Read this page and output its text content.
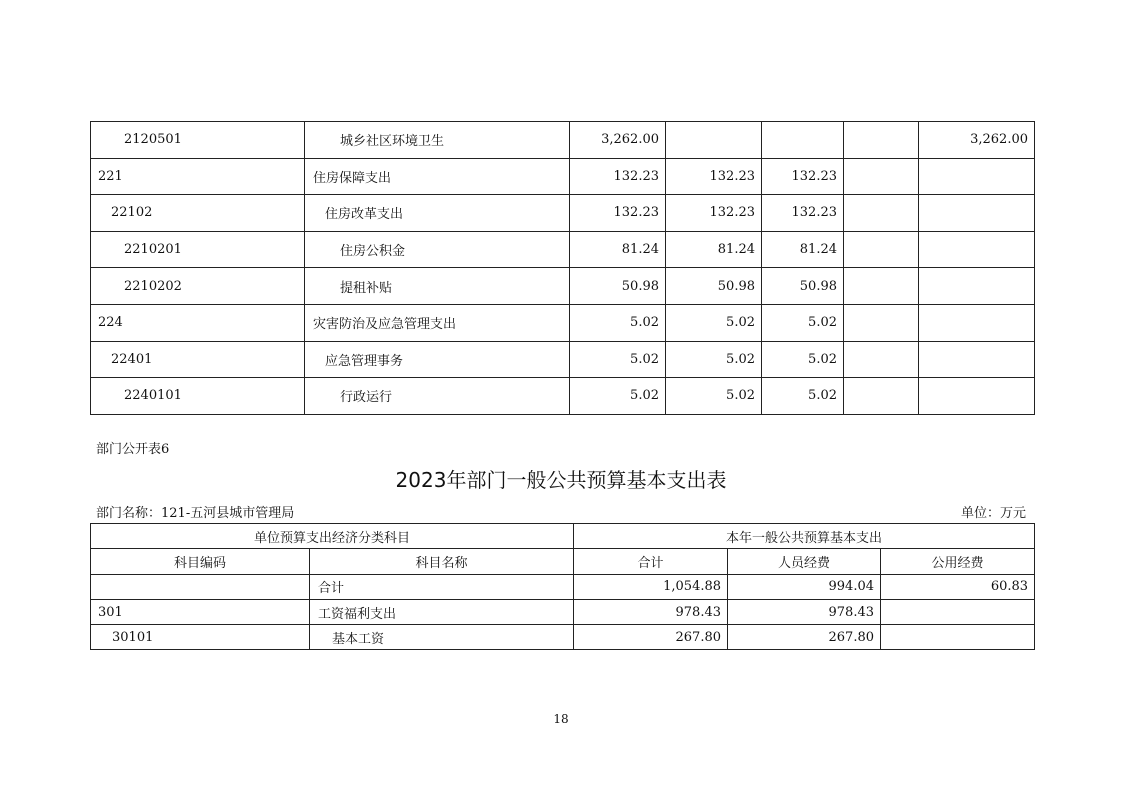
2120501	城乡社区环境卫生	3,262.00				3,262.00
221	住房保障支出	132.23	132.23	132.23		
22102	住房改革支出	132.23	132.23	132.23		
2210201	住房公积金	81.24	81.24	81.24		
2210202	提租补贴	50.98	50.98	50.98		
224	灾害防治及应急管理支出	5.02	5.02	5.02		
22401	应急管理事务	5.02	5.02	5.02		
2240101	行政运行	5.02	5.02	5.02		
部门公开表6
2023年部门一般公共预算基本支出表
部门名称：121-五河县城市管理局	单位：万元
单位预算支出经济分类科目		本年一般公共预算基本支出		
科目编码	科目名称	合计	人员经费	公用经费
	合计	1,054.88	994.04	60.83
301	工资福利支出	978.43	978.43	
30101	基本工资	267.80	267.80	
18
